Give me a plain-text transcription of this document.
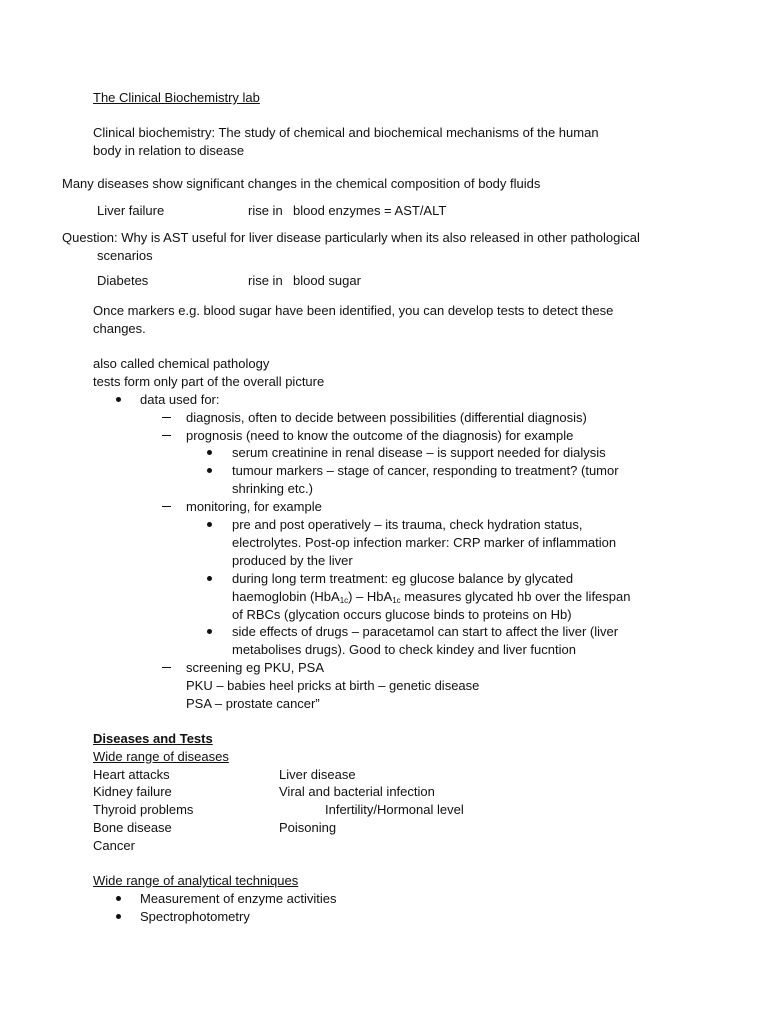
The Clinical Biochemistry lab
Clinical biochemistry: The study of chemical and biochemical mechanisms of the human
body in relation to disease
Many diseases show significant changes in the chemical composition of body fluids
Liver failure	rise in blood enzymes = AST/ALT
Question: Why is AST useful for liver disease particularly when its also released in other pathological
scenarios
Diabetes	rise in blood sugar
Once markers e.g. blood sugar have been identified, you can develop tests to detect these
changes.
also called chemical pathology
tests form only part of the overall picture
data used for:
diagnosis, often to decide between possibilities (differential diagnosis)
prognosis (need to know the outcome of the diagnosis) for example
serum creatinine in renal disease – is support needed for dialysis
tumour markers – stage of cancer, responding to treatment? (tumor
shrinking etc.)
monitoring, for example
pre and post operatively – its trauma, check hydration status,
electrolytes. Post-op infection marker: CRP marker of inflammation
produced by the liver
during long term treatment: eg glucose balance by glycated
haemoglobin (HbA$_{1c}$) – HbA$_{1c}$ measures glycated hb over the lifespan
of RBCs (glycation occurs glucose binds to proteins on Hb)
side effects of drugs – paracetamol can start to affect the liver (liver
metabolises drugs). Good to check kindey and liver fucntion
screening eg PKU, PSA
PKU – babies heel pricks at birth – genetic disease
PSA – prostate cancer”
Diseases and Tests
Wide range of diseases
Heart attacks
Kidney failure
Thyroid problems
Bone disease
Cancer
Liver disease
Viral and bacterial infection
Infertility/Hormonal level
Poisoning
Wide range of analytical techniques
Measurement of enzyme activities
Spectrophotometry
